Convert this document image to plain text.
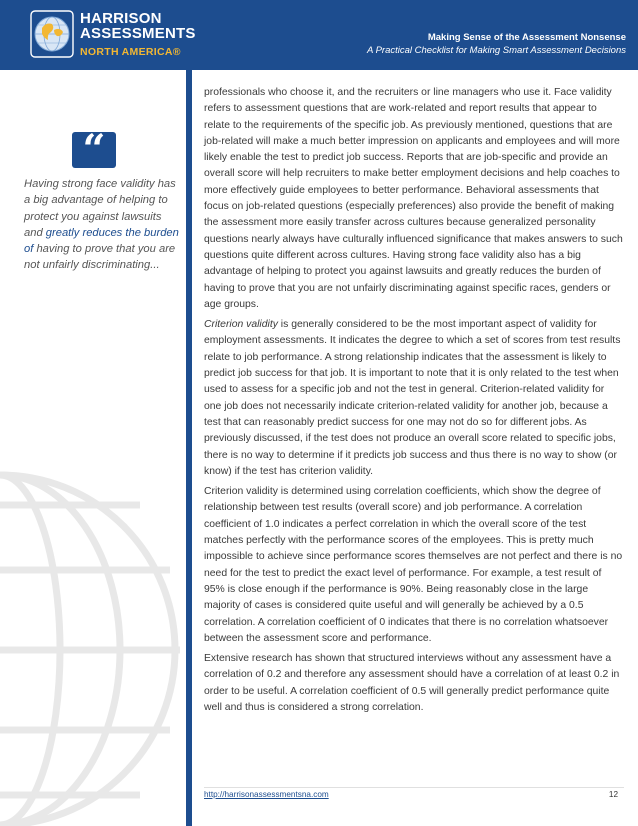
HARRISON
ASSESSMENTS
NORTH AMERICA®
Making Sense of the Assessment Nonsense
A Practical Checklist for Making Smart Assessment Decisions
“

Having strong face validity has a big advantage of helping to protect you against lawsuits and greatly reduces the burden of having to prove that you are not unfairly discriminating...

professionals who choose it, and the recruiters or line managers who use it. Face validity refers to assessment questions that are work-related and report results that appear to relate to the requirements of the specific job. As previously mentioned, questions that are job-related will make a much better impression on applicants and employees and will more likely enable the test to predict job success. Reports that are job-specific and provide an overall score will help recruiters to make better employment decisions and help coaches to more effectively guide employees to better performance. Behavioral assessments that focus on job-related questions (especially preferences) also provide the benefit of making the assessment more easily transfer across cultures because generalized personality questions nearly always have culturally influenced significance that makes answers to such questions quite different across cultures. Having strong face validity also has a big advantage of helping to protect you against lawsuits and greatly reduces the burden of having to prove that you are not unfairly discriminating against specific races, genders or age groups.

Criterion validity is generally considered to be the most important aspect of validity for employment assessments. It indicates the degree to which a set of scores from test results relate to job performance. A strong relationship indicates that the assessment is likely to predict job success for that job. It is important to note that it is only related to the test when used to assess for a specific job and not the test in general. Criterion-related validity for one job does not necessarily indicate criterion-related validity for another job, because a test that can reasonably predict success for one may not do so for different jobs. As previously discussed, if the test does not produce an overall score related to specific jobs, there is no way to determine if it predicts job success and thus there is no way to show (or know) if the test has criterion validity.

Criterion validity is determined using correlation coefficients, which show the degree of relationship between test results (overall score) and job performance. A correlation coefficient of 1.0 indicates a perfect correlation in which the overall score of the test matches perfectly with the performance scores of the employees. This is pretty much impossible to achieve since performance scores themselves are not perfect and there is no need for the test to predict the exact level of performance. For example, a test result of 95% is close enough if the performance is 90%. Being reasonably close in the large majority of cases is considered quite useful and will generally be achieved by a 0.5 correlation. A correlation coefficient of 0 indicates that there is no correlation whatsoever between the assessment score and performance.

Extensive research has shown that structured interviews without any assessment have a correlation of 0.2 and therefore any assessment should have a correlation of at least 0.2 in order to be useful. A correlation coefficient of 0.5 will generally predict performance quite well and thus is considered a strong correlation.

http://harrisonassessmentsna.com	12
